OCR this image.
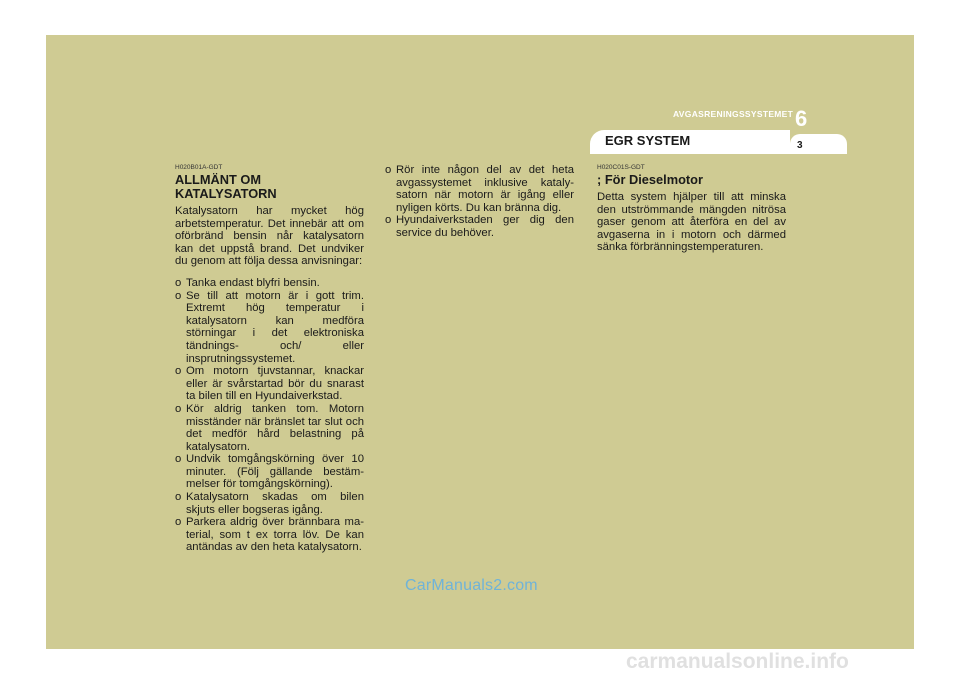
AVGASRENINGSSYSTEMET 6
EGR SYSTEM	3
H020B01A-GDT
ALLMÄNT OM KATALYSATORN

Katalysatorn har mycket hög arbetstemperatur. Det innebär att om oförbränd bensin når katalysatorn kan det uppstå brand. Det undviker du genom att följa dessa anvisningar:

o Tanka endast blyfri bensin.
o Se till att motorn är i gott trim. Extremt hög temperatur i katalysatorn kan medföra störningar i det elektroniska tändnings- och/ eller insprutningssystemet.
o Om motorn tjuvstannar, knackar eller är svårstartad bör du snarast ta bilen till en Hyundaiverkstad.
o Kör aldrig tanken tom. Motorn misständer när bränslet tar slut och det medför hård belastning på katalysatorn.
o Undvik tomgångskörning över 10 minuter. (Följ gällande bestäm- melser för tomgångskörning).
o Katalysatorn skadas om bilen skjuts eller bogseras igång.
o Parkera aldrig över brännbara ma- terial, som t ex torra löv. De kan antändas av den heta katalysatorn.
o Rör inte någon del av det heta avgassystemet inklusive kataly- satorn när motorn är igång eller nyligen körts. Du kan bränna dig.
o Hyundaiverkstaden ger dig den service du behöver.
H020C01S-GDT
; För Dieselmotor

Detta system hjälper till att minska den utströmmande mängden nitrösa gaser genom att återföra en del av avgaserna in i motorn och därmed sänka förbränningstemperaturen.

CarManuals2.com
carmanualsonline.info
